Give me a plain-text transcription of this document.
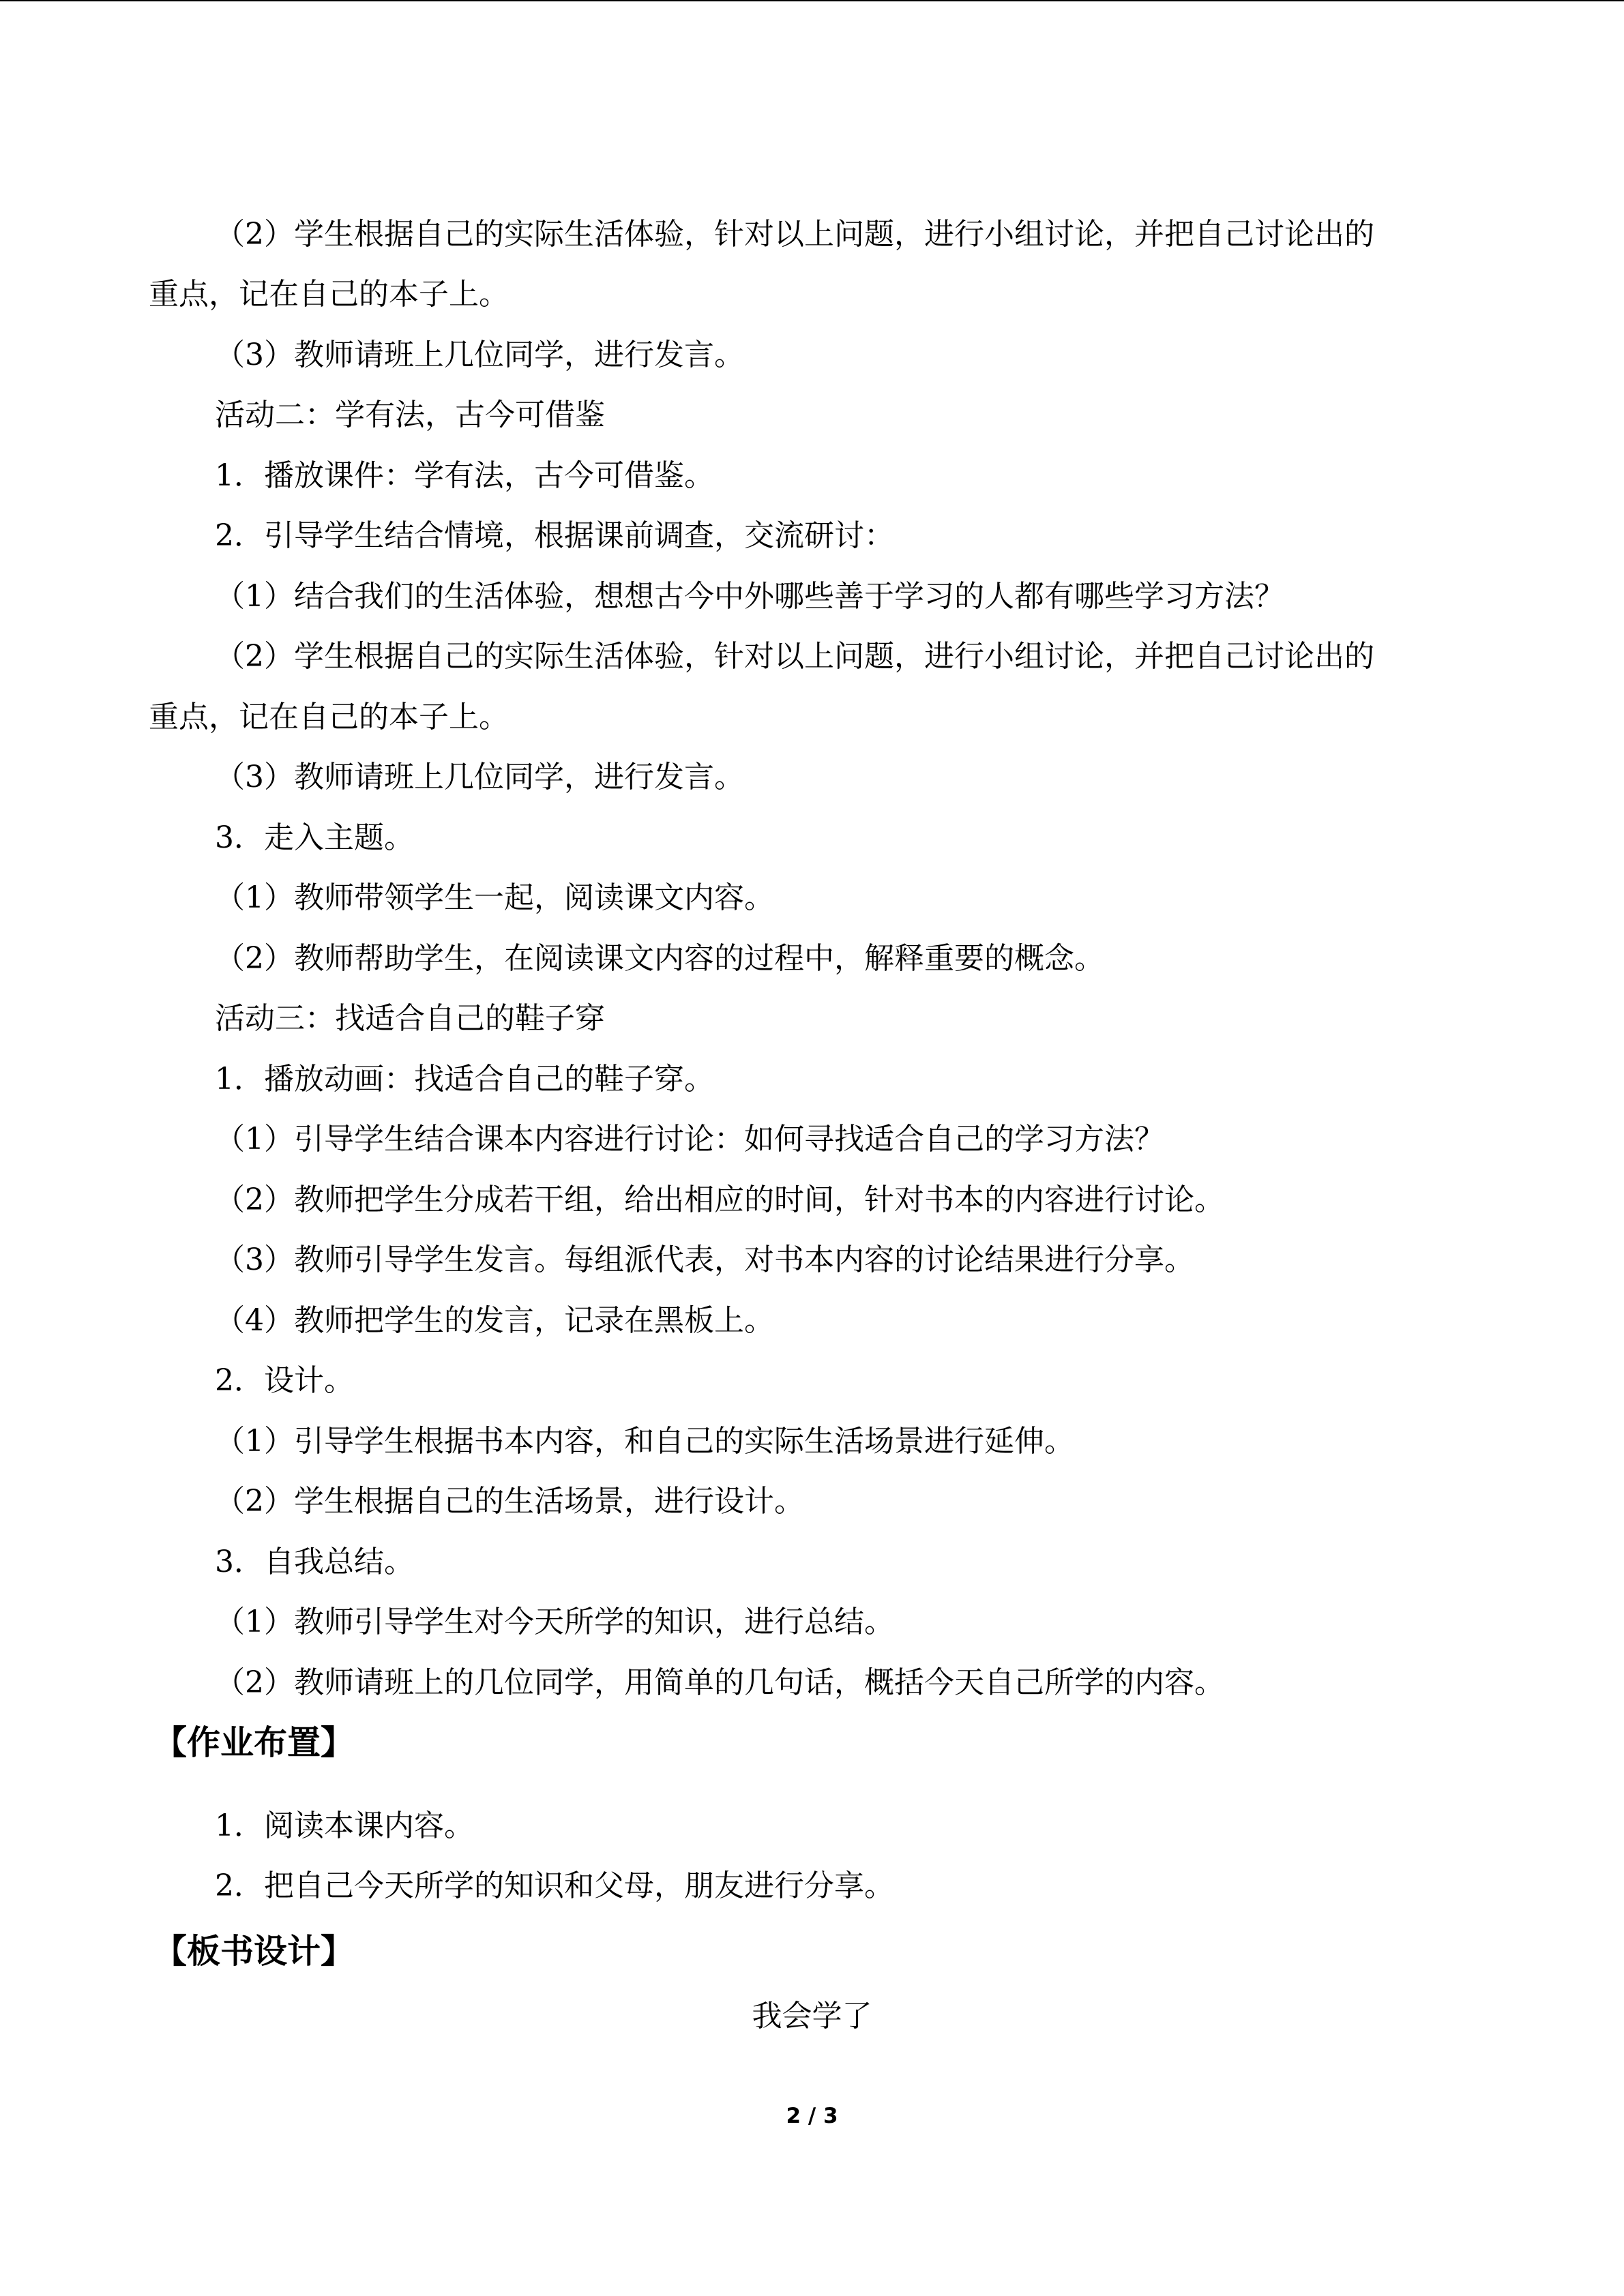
（2）学生根据自己的实际生活体验，针对以上问题，进行小组讨论，并把自己讨论出的
重点，记在自己的本子上。
（3）教师请班上几位同学，进行发言。
活动二：学有法，古今可借鉴
1．播放课件：学有法，古今可借鉴。
2．引导学生结合情境，根据课前调查，交流研讨：
（1）结合我们的生活体验，想想古今中外哪些善于学习的人都有哪些学习方法？
（2）学生根据自己的实际生活体验，针对以上问题，进行小组讨论，并把自己讨论出的
重点，记在自己的本子上。
（3）教师请班上几位同学，进行发言。
3．走入主题。
（1）教师带领学生一起，阅读课文内容。
（2）教师帮助学生，在阅读课文内容的过程中，解释重要的概念。
活动三：找适合自己的鞋子穿
1．播放动画：找适合自己的鞋子穿。
（1）引导学生结合课本内容进行讨论：如何寻找适合自己的学习方法？
（2）教师把学生分成若干组，给出相应的时间，针对书本的内容进行讨论。
（3）教师引导学生发言。每组派代表，对书本内容的讨论结果进行分享。
（4）教师把学生的发言，记录在黑板上。
2．设计。
（1）引导学生根据书本内容，和自己的实际生活场景进行延伸。
（2）学生根据自己的生活场景，进行设计。
3．自我总结。
（1）教师引导学生对今天所学的知识，进行总结。
（2）教师请班上的几位同学，用简单的几句话，概括今天自己所学的内容。
【作业布置】
1．阅读本课内容。
2．把自己今天所学的知识和父母，朋友进行分享。
【板书设计】
我会学了
2 / 3
